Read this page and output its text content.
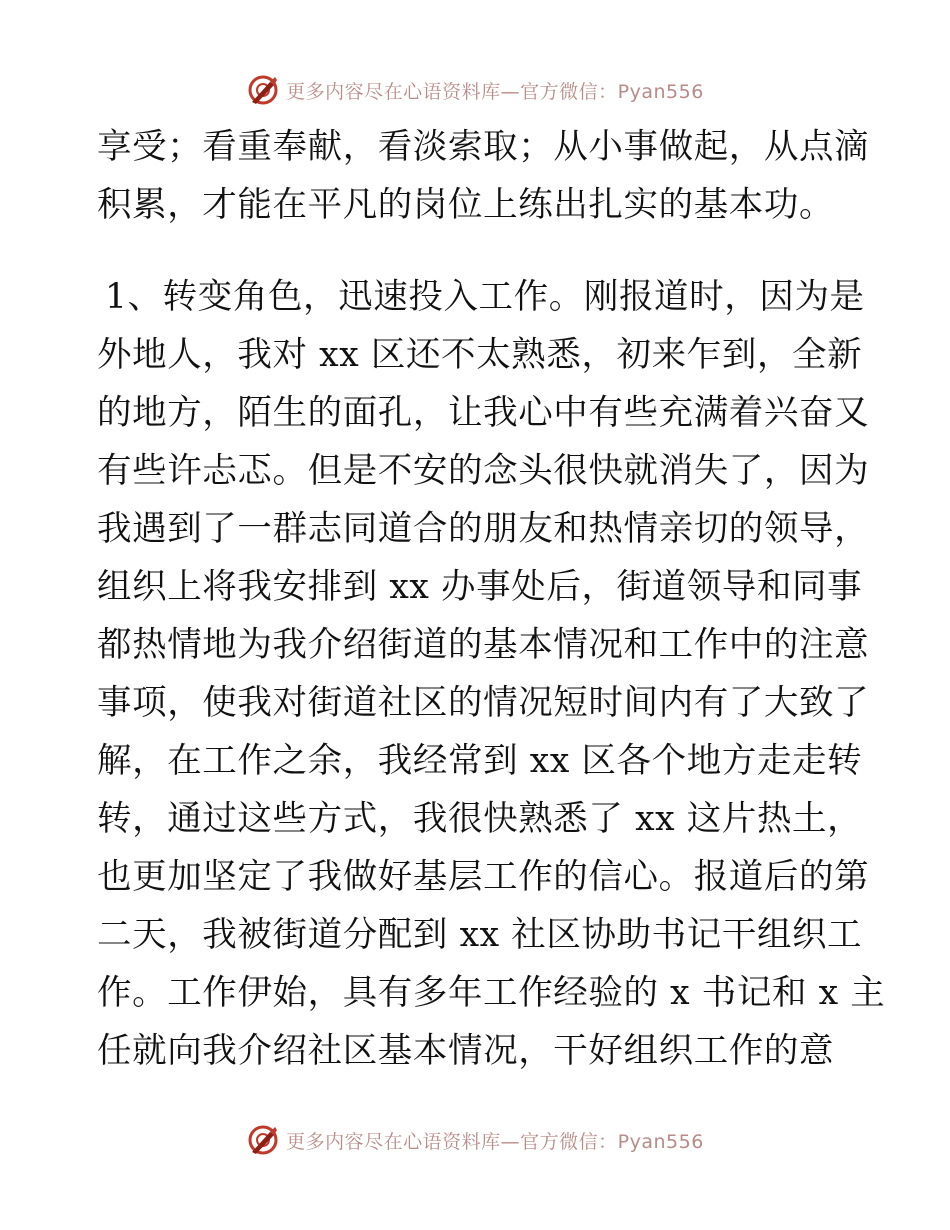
更多内容尽在心语资料库—官方微信：Pyan556
享受；看重奉献，看淡索取；从小事做起，从点滴
积累，才能在平凡的岗位上练出扎实的基本功。
1、转变角色，迅速投入工作。刚报道时，因为是
外地人，我对 xx 区还不太熟悉，初来乍到，全新
的地方，陌生的面孔，让我心中有些充满着兴奋又
有些许忐忑。但是不安的念头很快就消失了，因为
我遇到了一群志同道合的朋友和热情亲切的领导，
组织上将我安排到 xx 办事处后，街道领导和同事
都热情地为我介绍街道的基本情况和工作中的注意
事项，使我对街道社区的情况短时间内有了大致了
解，在工作之余，我经常到 xx 区各个地方走走转
转，通过这些方式，我很快熟悉了 xx 这片热土，
也更加坚定了我做好基层工作的信心。报道后的第
二天，我被街道分配到 xx 社区协助书记干组织工
作。工作伊始，具有多年工作经验的 x 书记和 x 主
任就向我介绍社区基本情况，干好组织工作的意
更多内容尽在心语资料库—官方微信：Pyan556
